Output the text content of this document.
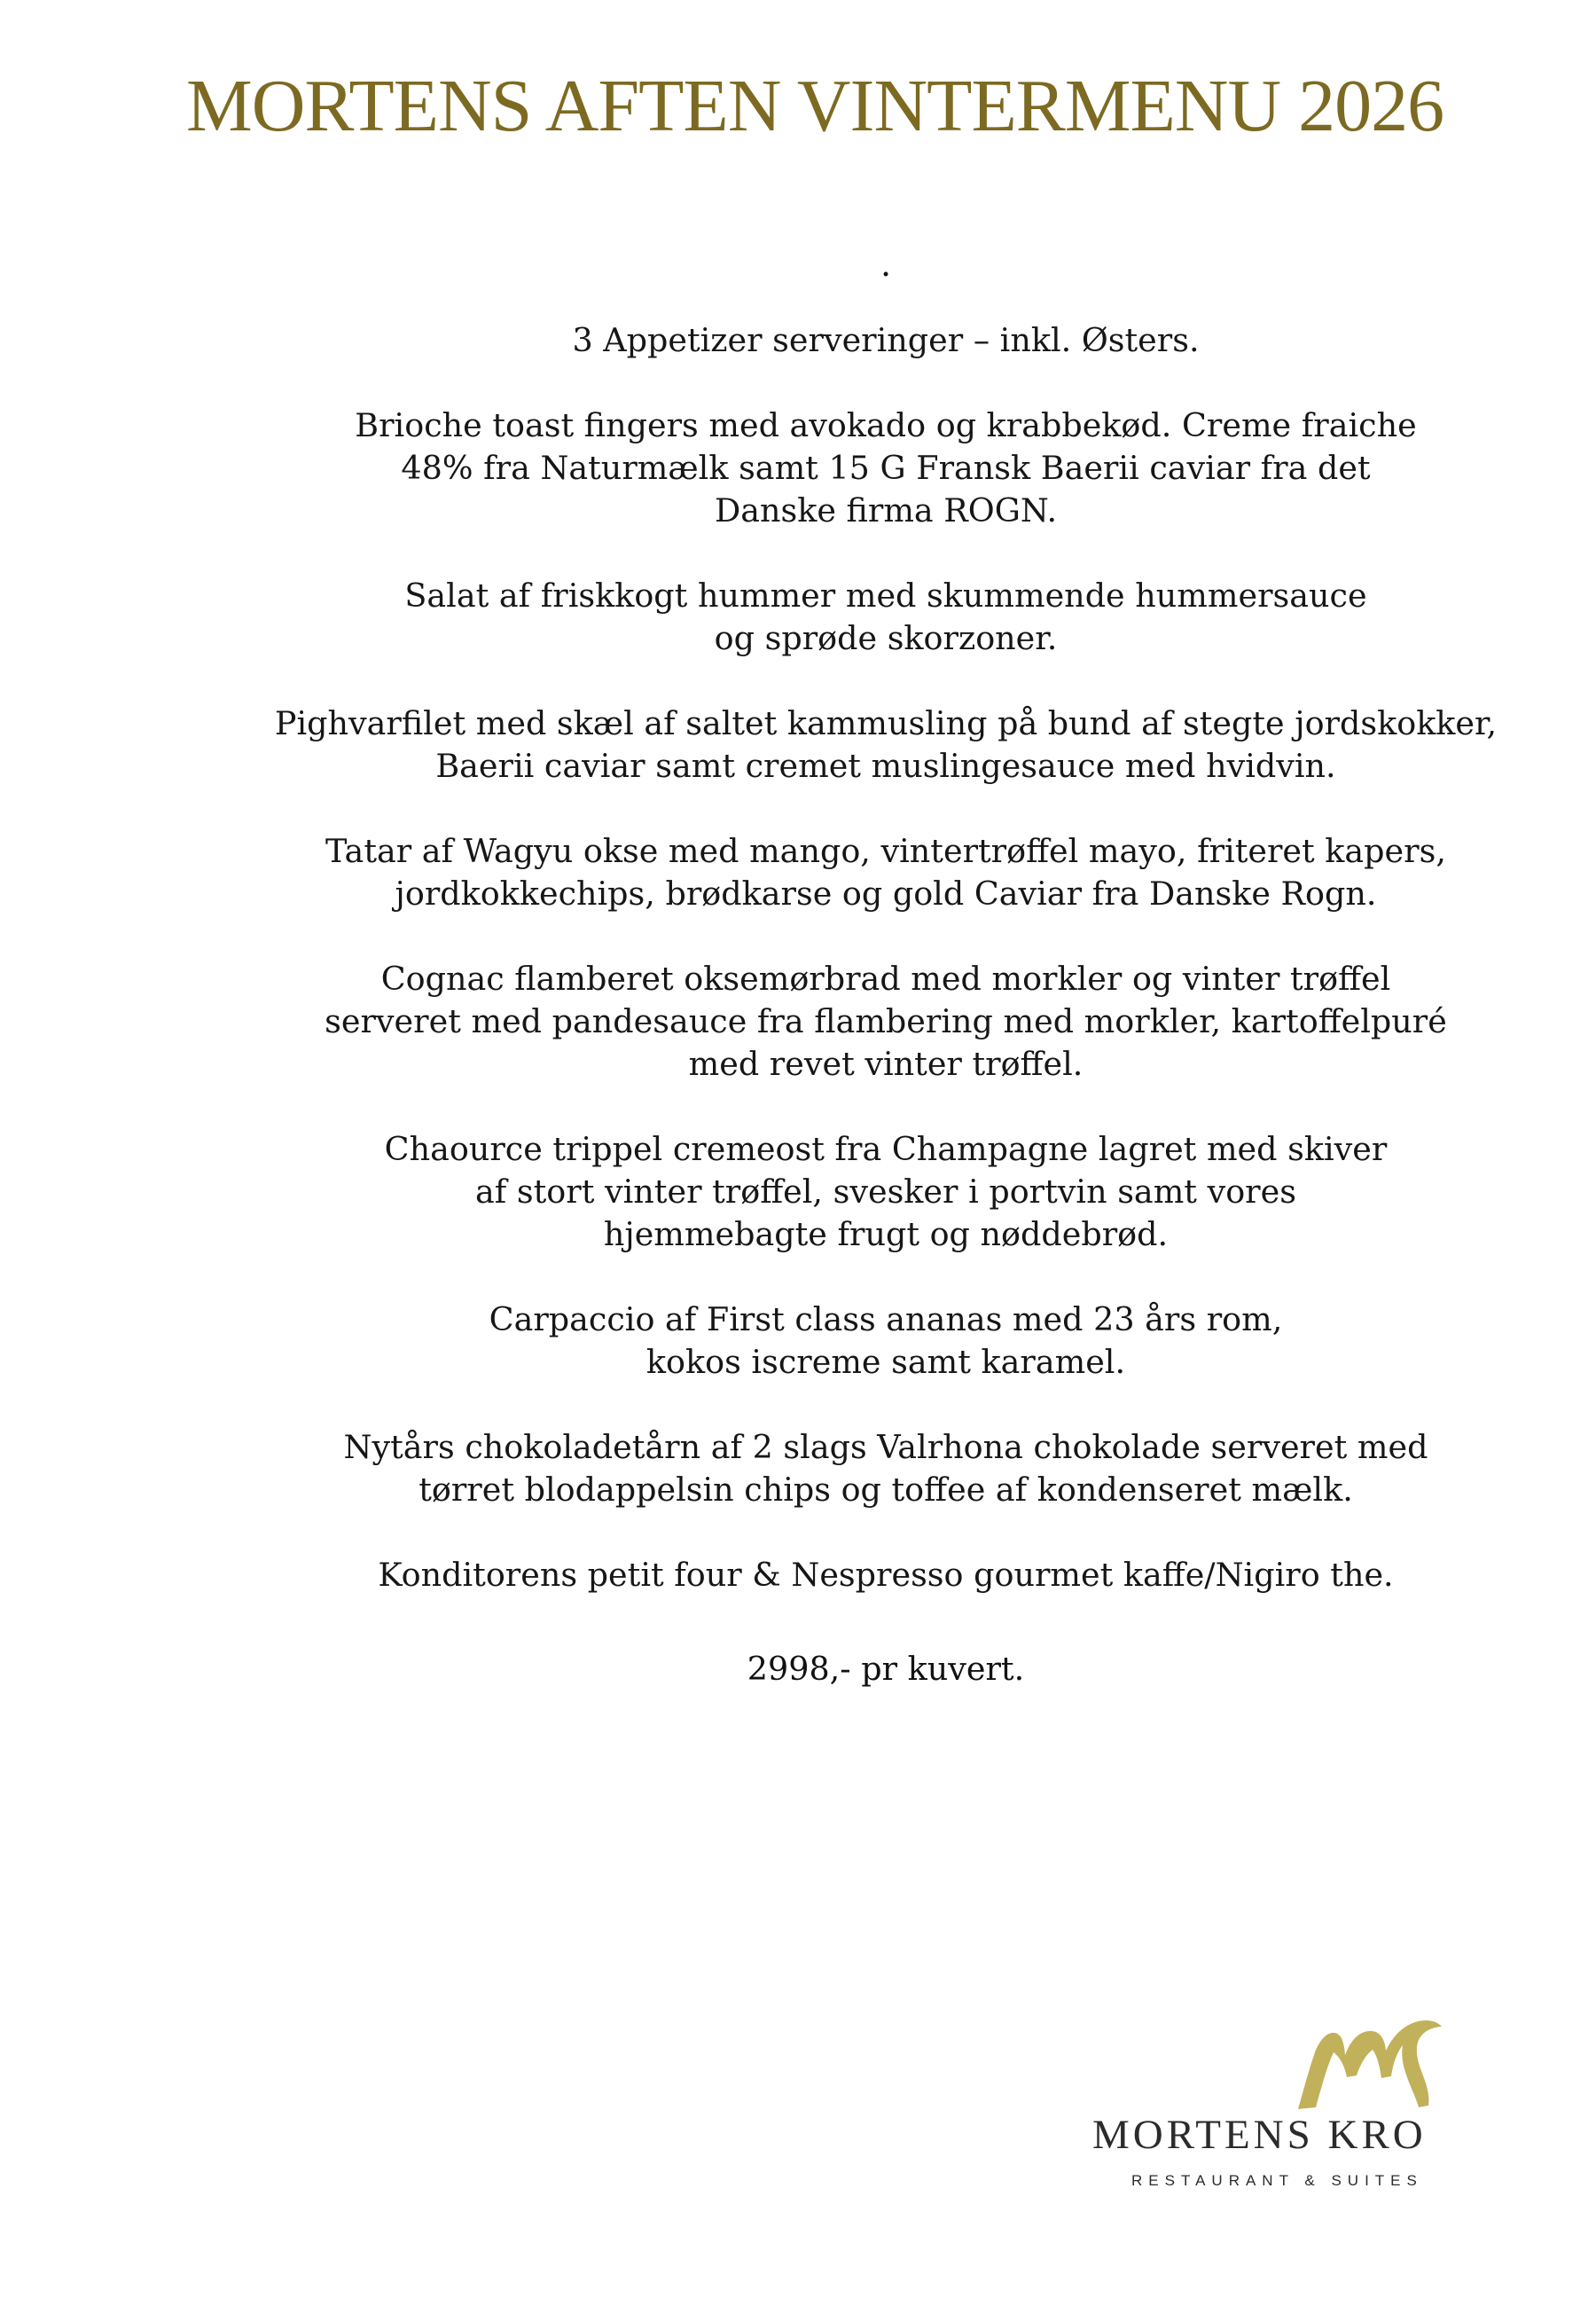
MORTENS AFTEN VINTERMENU 2026
.
3 Appetizer serveringer – inkl. Østers.
Brioche toast fingers med avokado og krabbekød. Creme fraiche
48% fra Naturmælk samt 15 G Fransk Baerii caviar fra det
Danske firma ROGN.
Salat af friskkogt hummer med skummende hummersauce
og sprøde skorzoner.
Pighvarfilet med skæl af saltet kammusling på bund af stegte jordskokker,
Baerii caviar samt cremet muslingesauce med hvidvin.
Tatar af Wagyu okse med mango, vintertrøffel mayo, friteret kapers,
jordkokkechips, brødkarse og gold Caviar fra Danske Rogn.
Cognac flamberet oksemørbrad med morkler og vinter trøffel
serveret med pandesauce fra flambering med morkler, kartoffelpuré
med revet vinter trøffel.
Chaource trippel cremeost fra Champagne lagret med skiver
af stort vinter trøffel, svesker i portvin samt vores
hjemmebagte frugt og nøddebrød.
Carpaccio af First class ananas med 23 års rom,
kokos iscreme samt karamel.
Nytårs chokoladetårn af 2 slags Valrhona chokolade serveret med
tørret blodappelsin chips og toffee af kondenseret mælk.
Konditorens petit four & Nespresso gourmet kaffe/Nigiro the.
2998,- pr kuvert.
MORTENS KRO
RESTAURANT & SUITES
